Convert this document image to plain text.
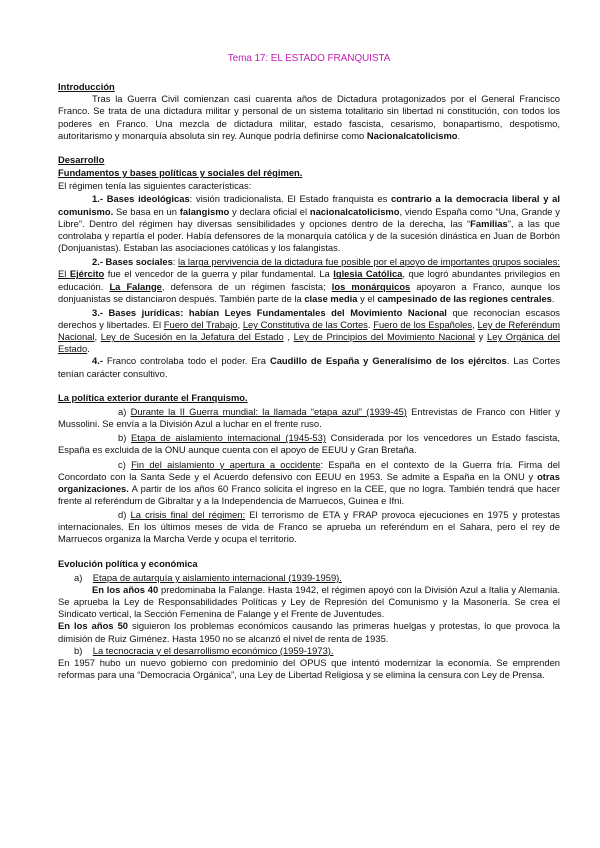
Tema 17: EL ESTADO FRANQUISTA

Introducción

Tras la Guerra Civil comienzan casi cuarenta años de Dictadura protagonizados por el General Francisco Franco. Se trata de una dictadura militar y personal de un sistema totalitario sin libertad ni constitución, con todos los poderes en Franco. Una mezcla de dictadura militar, estado fascista, cesarismo, bonapartismo, despotismo, autoritarismo y monarquía absoluta sin rey. Aunque podría definirse como Nacionalcatolicismo.

Desarrollo

Fundamentos y bases políticas y sociales del régimen.

El régimen tenía las siguientes características:

1.- Bases ideológicas: visión tradicionalista. El Estado franquista es contrario a la democracia liberal y al comunismo. Se basa en un falangismo y declara oficial el nacionalcatolicismo, viendo España como “Una, Grande y Libre”. Dentro del régimen hay diversas sensibilidades y opciones dentro de la derecha, las “Familias”, a las que controlaba y repartía el poder. Había defensores de la monarquía católica y de la sucesión dinástica en Juan de Borbón (Donjuanistas). Estaban las asociaciones católicas y los falangistas.

2.- Bases sociales: la larga pervivencia de la dictadura fue posible por el apoyo de importantes grupos sociales: El Ejército fue el vencedor de la guerra y pilar fundamental. La Iglesia Católica, que logró abundantes privilegios en educación. La Falange, defensora de un régimen fascista; los monárquicos apoyaron a Franco, aunque los donjuanistas se distanciaron después. También parte de la clase media y el campesinado de las regiones centrales.

3.- Bases jurídicas: habían Leyes Fundamentales del Movimiento Nacional que reconocían escasos derechos y libertades. El Fuero del Trabajo, Ley Constitutiva de las Cortes. Fuero de los Españoles, Ley de Referéndum Nacional, Ley de Sucesión en la Jefatura del Estado , Ley de Principios del Movimiento Nacional y Ley Orgánica del Estado.

4.- Franco controlaba todo el poder. Era Caudillo de España y Generalísimo de los ejércitos. Las Cortes tenían carácter consultivo.

La política exterior durante el Franquismo.

a) Durante la II Guerra mundial: la llamada “etapa azul” (1939-45) Entrevistas de Franco con Hitler y Mussolini. Se envía a la División Azul a luchar en el frente ruso.

b) Etapa de aislamiento internacional (1945-53) Considerada por los vencedores un Estado fascista, España es excluida de la ONU aunque cuenta con el apoyo de EEUU y Gran Bretaña.

c) Fin del aislamiento y apertura a occidente: España en el contexto de la Guerra fría. Firma del Concordato con la Santa Sede y el Acuerdo defensivo con EEUU en 1953. Se admite a España en la ONU y otras organizaciones. A partir de los años 60 Franco solicita el ingreso en la CEE, que no logra. También tendrá que hacer frente al referéndum de Gibraltar y a la Independencia de Marruecos, Guinea e Ifni.

d) La crisis final del régimen: El terrorismo de ETA y FRAP provoca ejecuciones en 1975 y protestas internacionales. En los últimos meses de vida de Franco se aprueba un referéndum en el Sahara, pero el rey de Marruecos organiza la Marcha Verde y ocupa el territorio.

Evolución política y económica

a) Etapa de autarquía y aislamiento internacional (1939-1959).

En los años 40 predominaba la Falange. Hasta 1942, el régimen apoyó con la División Azul a Italia y Alemania. Se aprueba la Ley de Responsabilidades Políticas y Ley de Represión del Comunismo y la Masonería. Se crea el Sindicato vertical, la Sección Femenina de Falange y el Frente de Juventudes.

En los años 50 siguieron los problemas económicos causando las primeras huelgas y protestas, lo que provoca la dimisión de Ruiz Giménez. Hasta 1950 no se alcanzó el nivel de renta de 1935.

b) La tecnocracia y el desarrollismo económico (1959-1973).

En 1957 hubo un nuevo gobierno con predominio del OPUS que intentó modernizar la economía. Se emprenden reformas para una “Democracia Orgánica”, una Ley de Libertad Religiosa y se elimina la censura con Ley de Prensa.
